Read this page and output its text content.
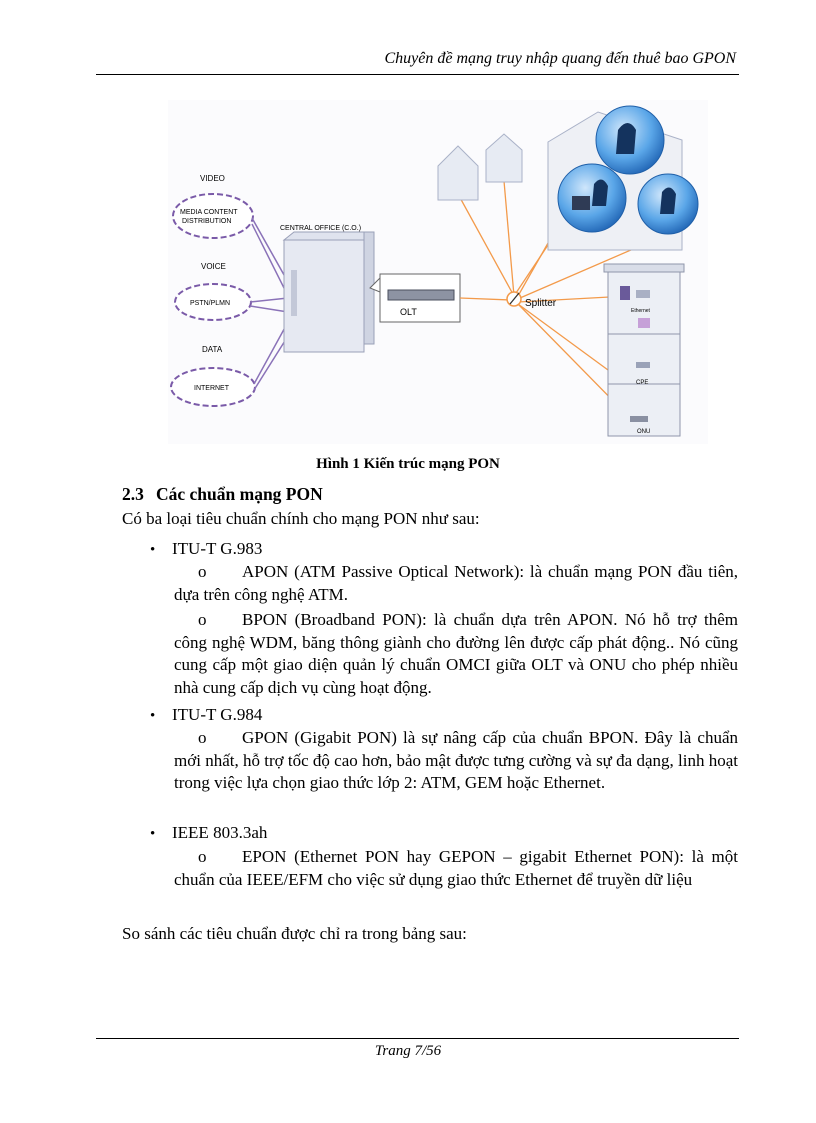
Chuyên đề mạng truy nhập quang đến thuê bao GPON
VIDEO
MEDIA CONTENT
DISTRIBUTION
VOICE
PSTN/PLMN
DATA
INTERNET
CENTRAL OFFICE (C.O.)
OLT
Splitter
Ethernet
CPE
ONU
Hình 1 Kiến trúc mạng PON
2.3 Các chuẩn mạng PON
Có ba loại tiêu chuẩn chính cho mạng PON như sau:
• ITU-T G.983
o APON (ATM Passive Optical Network): là chuẩn mạng PON đầu tiên, dựa trên công nghệ ATM.
o BPON (Broadband PON): là chuẩn dựa trên APON. Nó hỗ trợ thêm công nghệ WDM, băng thông giành cho đường lên được cấp phát động.. Nó cũng cung cấp một giao diện quản lý chuẩn OMCI giữa OLT và ONU cho phép nhiều nhà cung cấp dịch vụ cùng hoạt động.
• ITU-T G.984
o GPON (Gigabit PON) là sự nâng cấp của chuẩn BPON. Đây là chuẩn mới nhất, hỗ trợ tốc độ cao hơn, bảo mật được tưng cường và sự đa dạng, linh hoạt trong việc lựa chọn giao thức lớp 2: ATM, GEM hoặc Ethernet.
• IEEE 803.3ah
o EPON (Ethernet PON hay GEPON – gigabit Ethernet PON): là một chuẩn của IEEE/EFM cho việc sử dụng giao thức Ethernet để truyền dữ liệu
So sánh các tiêu chuẩn được chỉ ra trong bảng sau:
Trang 7/56
